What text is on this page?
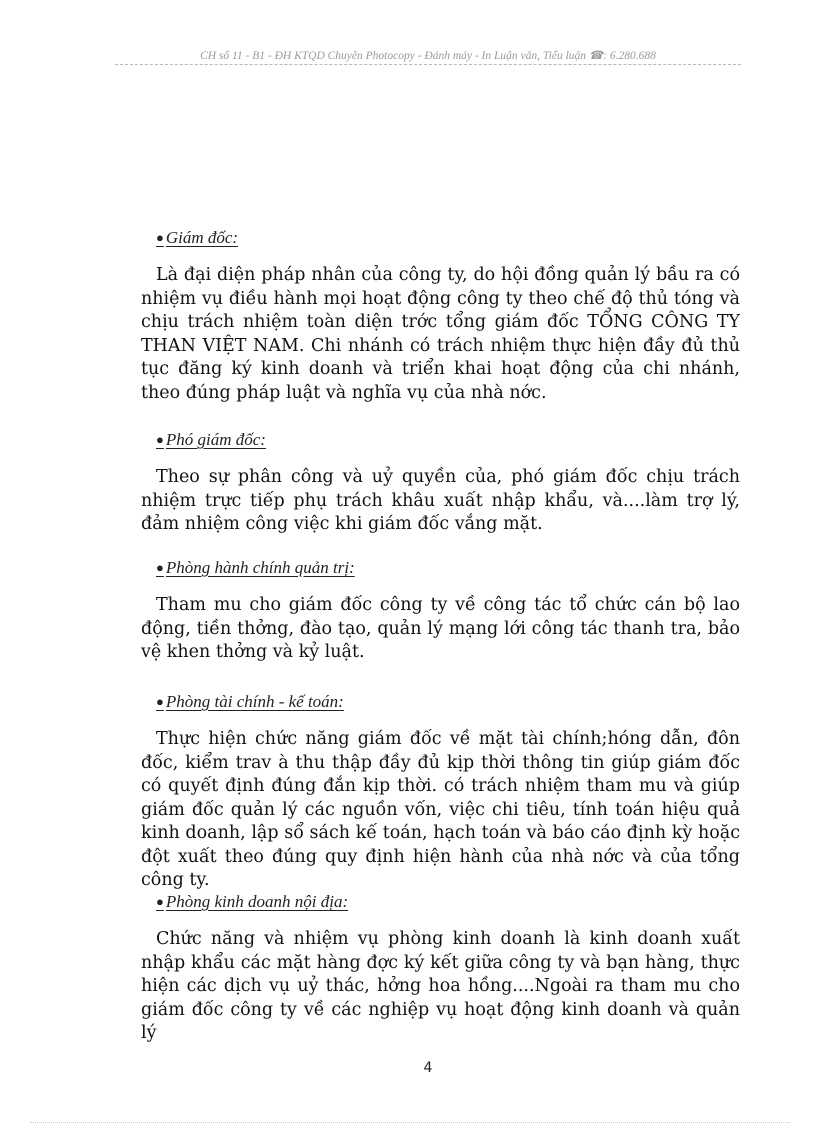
CH số 11 - B1 - ĐH KTQD Chuyên Photocopy - Đánh máy - In Luận văn, Tiểu luận ☎: 6.280.688
● Giám đốc:
Là đại diện pháp nhân của công ty, do hội đồng quản lý bầu ra có nhiệm vụ điều hành mọi hoạt động công ty theo chế độ thủ tóng và chịu trách nhiệm toàn diện trớc tổng giám đốc TỔNG CÔNG TY THAN VIỆT NAM. Chi nhánh có trách nhiệm thực hiện đầy đủ thủ tục đăng ký kinh doanh và triển khai hoạt động của chi nhánh, theo đúng pháp luật và nghĩa vụ của nhà nớc.
● Phó giám đốc:
Theo sự phân công và uỷ quyền của, phó giám đốc chịu trách nhiệm trực tiếp phụ trách khâu xuất nhập khẩu, và....làm trợ lý, đảm nhiệm công việc khi giám đốc vắng mặt.
● Phòng hành chính quản trị:
Tham mu cho giám đốc công ty về công tác tổ chức cán bộ lao động, tiền thởng, đào tạo, quản lý mạng lới công tác thanh tra, bảo vệ khen thởng và kỷ luật.
● Phòng tài chính - kế toán:
Thực hiện chức năng giám đốc về mặt tài chính;hóng dẫn, đôn đốc, kiểm trav à thu thập đầy đủ kịp thời thông tin giúp giám đốc có quyết định đúng đắn kịp thời. có trách nhiệm tham mu và giúp giám đốc quản lý các nguồn vốn, việc chi tiêu, tính toán hiệu quả kinh doanh, lập sổ sách kế toán, hạch toán và báo cáo định kỳ hoặc đột xuất theo đúng quy định hiện hành của nhà nớc và của tổng công ty.
● Phòng kinh doanh nội địa:
Chức năng và nhiệm vụ phòng kinh doanh là kinh doanh xuất nhập khẩu các mặt hàng đợc ký kết giữa công ty và bạn hàng, thực hiện các dịch vụ uỷ thác, hởng hoa hồng....Ngoài ra tham mu cho giám đốc công ty về các nghiệp vụ hoạt động kinh doanh và quản lý
4
